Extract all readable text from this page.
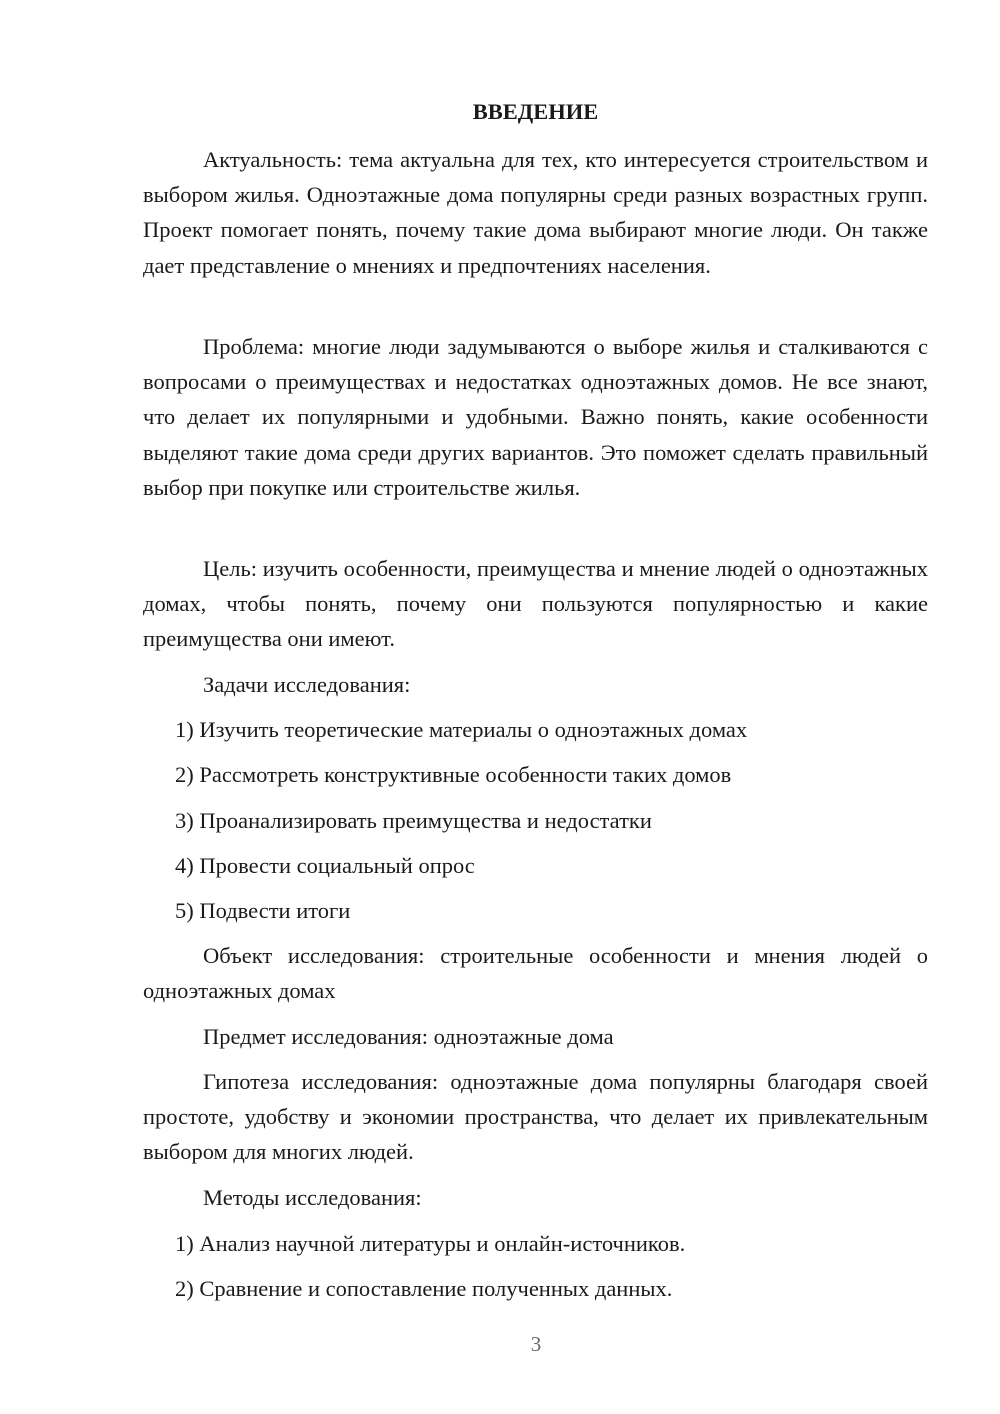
ВВЕДЕНИЕ

Актуальность: тема актуальна для тех, кто интересуется строительством и выбором жилья. Одноэтажные дома популярны среди разных возрастных групп. Проект помогает понять, почему такие дома выбирают многие люди. Он также дает представление о мнениях и предпочтениях населения.

Проблема: многие люди задумываются о выборе жилья и сталкиваются с вопросами о преимуществах и недостатках одноэтажных домов. Не все знают, что делает их популярными и удобными. Важно понять, какие особенности выделяют такие дома среди других вариантов. Это поможет сделать правильный выбор при покупке или строительстве жилья.

Цель: изучить особенности, преимущества и мнение людей о одноэтажных домах, чтобы понять, почему они пользуются популярностью и какие преимущества они имеют.

Задачи исследования:

1) Изучить теоретические материалы о одноэтажных домах

2) Рассмотреть конструктивные особенности таких домов

3) Проанализировать преимущества и недостатки

4) Провести социальный опрос

5) Подвести итоги

Объект исследования: строительные особенности и мнения людей о одноэтажных домах

Предмет исследования: одноэтажные дома

Гипотеза исследования: одноэтажные дома популярны благодаря своей простоте, удобству и экономии пространства, что делает их привлекательным выбором для многих людей.

Методы исследования:

1) Анализ научной литературы и онлайн-источников.

2) Сравнение и сопоставление полученных данных.

3
